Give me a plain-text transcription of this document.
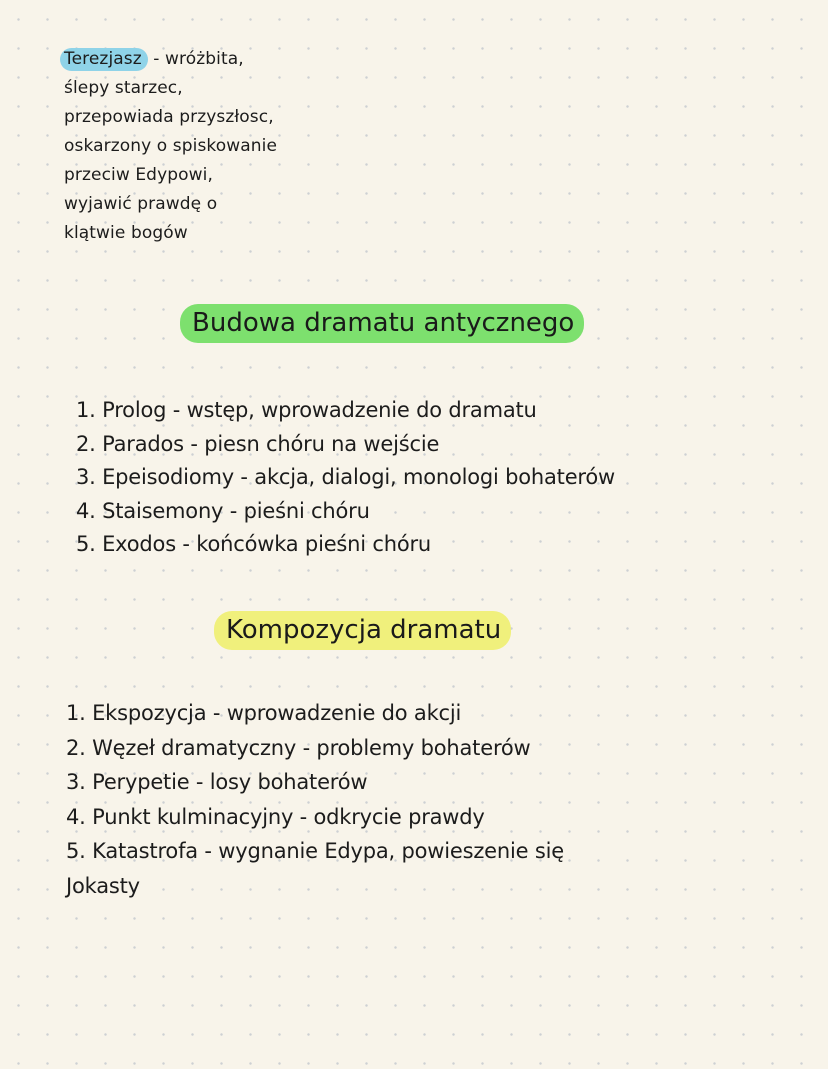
Terezjasz - wróżbita,
ślepy starzec,
przepowiada przyszłosc,
oskarzony o spiskowanie
przeciw Edypowi,
wyjawić prawdę o
klątwie bogów
Budowa dramatu antycznego
1. Prolog - wstęp, wprowadzenie do dramatu
2. Parados - piesn chóru na wejście
3. Epeisodiomy - akcja, dialogi, monologi bohaterów
4. Staisemony - pieśni chóru
5. Exodos - końcówka pieśni chóru
Kompozycja dramatu
1. Ekspozycja - wprowadzenie do akcji
2. Węzeł dramatyczny - problemy bohaterów
3. Perypetie - losy bohaterów
4. Punkt kulminacyjny - odkrycie prawdy
5. Katastrofa - wygnanie Edypa, powieszenie się
Jokasty
